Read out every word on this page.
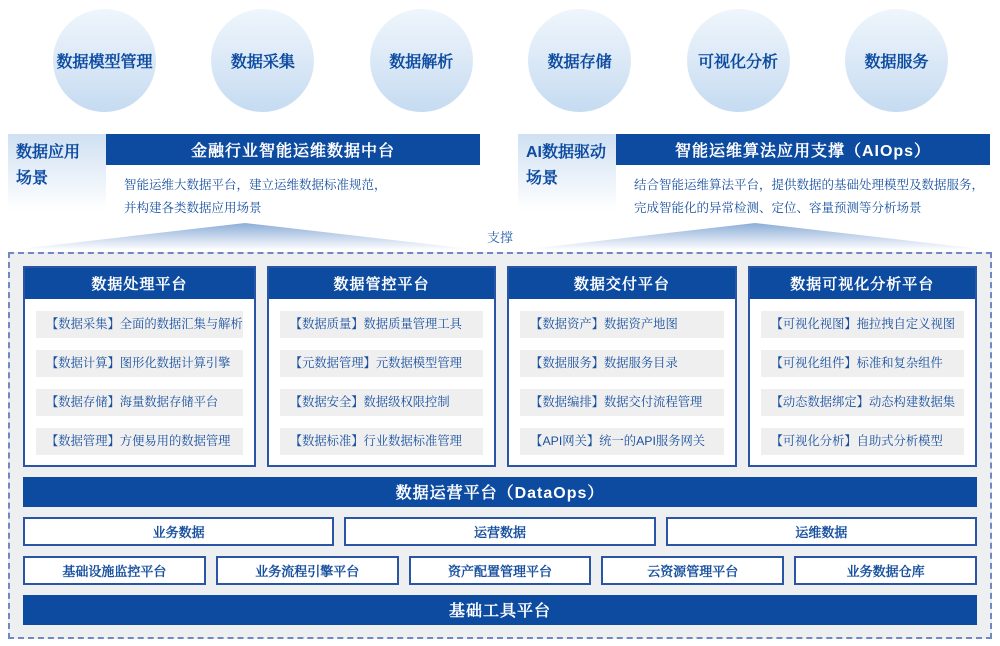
数据模型管理	数据采集	数据解析	数据存储	可视化分析	数据服务
数据应用
场景
金融行业智能运维数据中台
智能运维大数据平台，建立运维数据标准规范，
并构建各类数据应用场景
AI数据驱动
场景
智能运维算法应用支撑（AIOps）
结合智能运维算法平台，提供数据的基础处理模型及数据服务，
完成智能化的异常检测、定位、容量预测等分析场景
支撑
数据处理平台
【数据采集】全面的数据汇集与解析
【数据计算】图形化数据计算引擎
【数据存储】海量数据存储平台
【数据管理】方便易用的数据管理
数据管控平台
【数据质量】数据质量管理工具
【元数据管理】元数据模型管理
【数据安全】数据级权限控制
【数据标准】行业数据标准管理
数据交付平台
【数据资产】数据资产地图
【数据服务】数据服务目录
【数据编排】数据交付流程管理
【API网关】统一的API服务网关
数据可视化分析平台
【可视化视图】拖拉拽自定义视图
【可视化组件】标准和复杂组件
【动态数据绑定】动态构建数据集
【可视化分析】自助式分析模型
数据运营平台（DataOps）
业务数据	运营数据	运维数据
基础设施监控平台	业务流程引擎平台	资产配置管理平台	云资源管理平台	业务数据仓库
基础工具平台
